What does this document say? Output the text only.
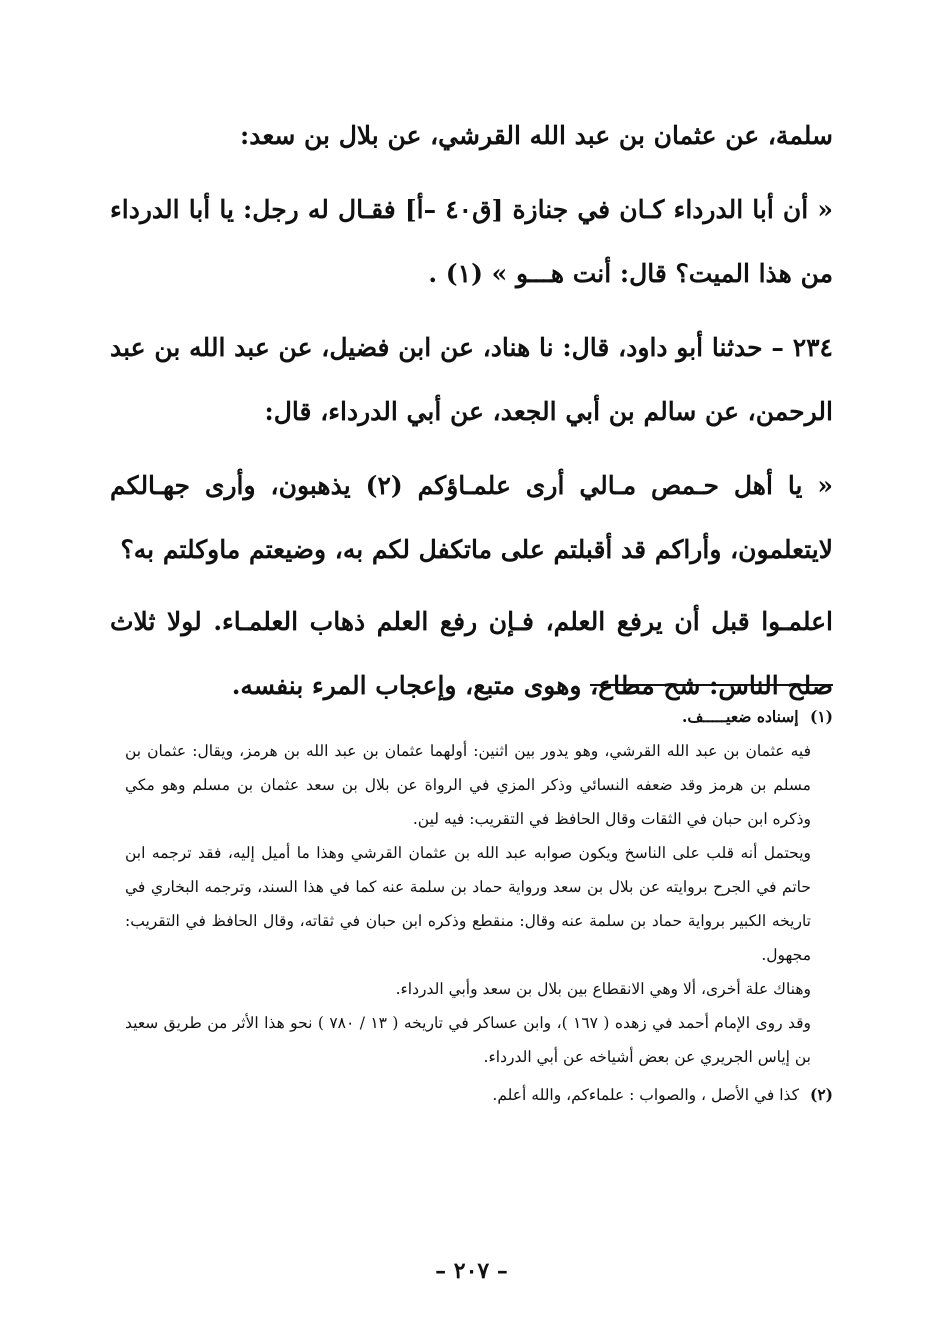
سلمة، عن عثمان بن عبد الله القرشي، عن بلال بن سعد:

« أن أبا الدرداء كـان في جنازة [ق٤٠ –أ] فقـال له رجل: يا أبا الدرداء من هذا الميت؟ قال: أنت هـــو » (١) .

٢٣٤ – حدثنا أبو داود، قال: نا هناد، عن ابن فضيل، عن عبد الله بن عبد الرحمن، عن سالم بن أبي الجعد، عن أبي الدرداء، قال:

« يا أهل حـمص مـالي أرى علمـاؤكم (٢) يذهبون، وأرى جهـالكم لايتعلمون، وأراكم قد أقبلتم على ماتكفل لكم به، وضيعتم ماوكلتم به؟

اعلمـوا قبل أن يرفع العلم، فـإن رفع العلم ذهاب العلمـاء. لولا ثلاث صلح الناس: شح مطاع، وهوى متبع، وإعجاب المرء بنفسه.

(١) إسناده ضعيـــــف.

فيه عثمان بن عبد الله القرشي، وهو يدور بين اثنين: أولهما عثمان بن عبد الله بن هرمز، ويقال: عثمان بن مسلم بن هرمز وقد ضعفه النسائي وذكر المزي في الرواة عن بلال بن سعد عثمان بن مسلم وهو مكي وذكره ابن حبان في الثقات وقال الحافظ في التقريب: فيه لين.

ويحتمل أنه قلب على الناسخ ويكون صوابه عبد الله بن عثمان القرشي وهذا ما أميل إليه، فقد ترجمه ابن حاتم في الجرح بروايته عن بلال بن سعد ورواية حماد بن سلمة عنه كما في هذا السند، وترجمه البخاري في تاريخه الكبير برواية حماد بن سلمة عنه وقال: منقطع وذكره ابن حبان في ثقاته، وقال الحافظ في التقريب: مجهول.

وهناك علة أخرى، ألا وهي الانقطاع بين بلال بن سعد وأبي الدرداء.

وقد روى الإمام أحمد في زهده ( ١٦٧ )، وابن عساكر في تاريخه ( ١٣ / ٧٨٠ ) نحو هذا الأثر من طريق سعيد بن إياس الجريري عن بعض أشياخه عن أبي الدرداء.

(٢) كذا في الأصل ، والصواب : علماءكم، والله أعلم.

– ٢٠٧ –
